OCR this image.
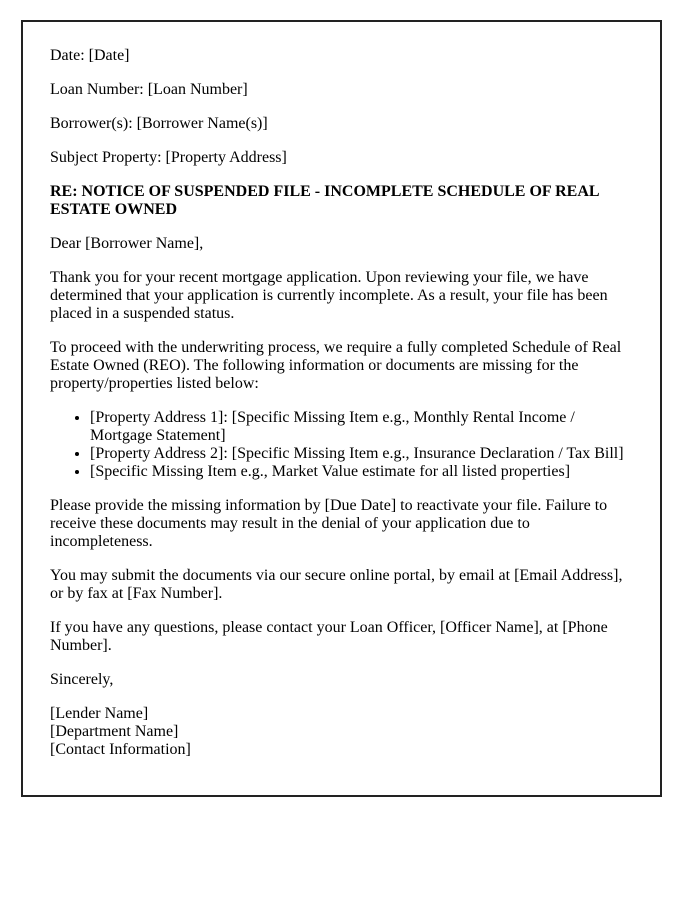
Date: [Date]

Loan Number: [Loan Number]

Borrower(s): [Borrower Name(s)]

Subject Property: [Property Address]

RE: NOTICE OF SUSPENDED FILE - INCOMPLETE SCHEDULE OF REAL ESTATE OWNED

Dear [Borrower Name],

Thank you for your recent mortgage application. Upon reviewing your file, we have determined that your application is currently incomplete. As a result, your file has been placed in a suspended status.

To proceed with the underwriting process, we require a fully completed Schedule of Real Estate Owned (REO). The following information or documents are missing for the property/properties listed below:

• [Property Address 1]: [Specific Missing Item e.g., Monthly Rental Income / Mortgage Statement]
• [Property Address 2]: [Specific Missing Item e.g., Insurance Declaration / Tax Bill]
• [Specific Missing Item e.g., Market Value estimate for all listed properties]

Please provide the missing information by [Due Date] to reactivate your file. Failure to receive these documents may result in the denial of your application due to incompleteness.

You may submit the documents via our secure online portal, by email at [Email Address], or by fax at [Fax Number].

If you have any questions, please contact your Loan Officer, [Officer Name], at [Phone Number].

Sincerely,

[Lender Name]
[Department Name]
[Contact Information]
